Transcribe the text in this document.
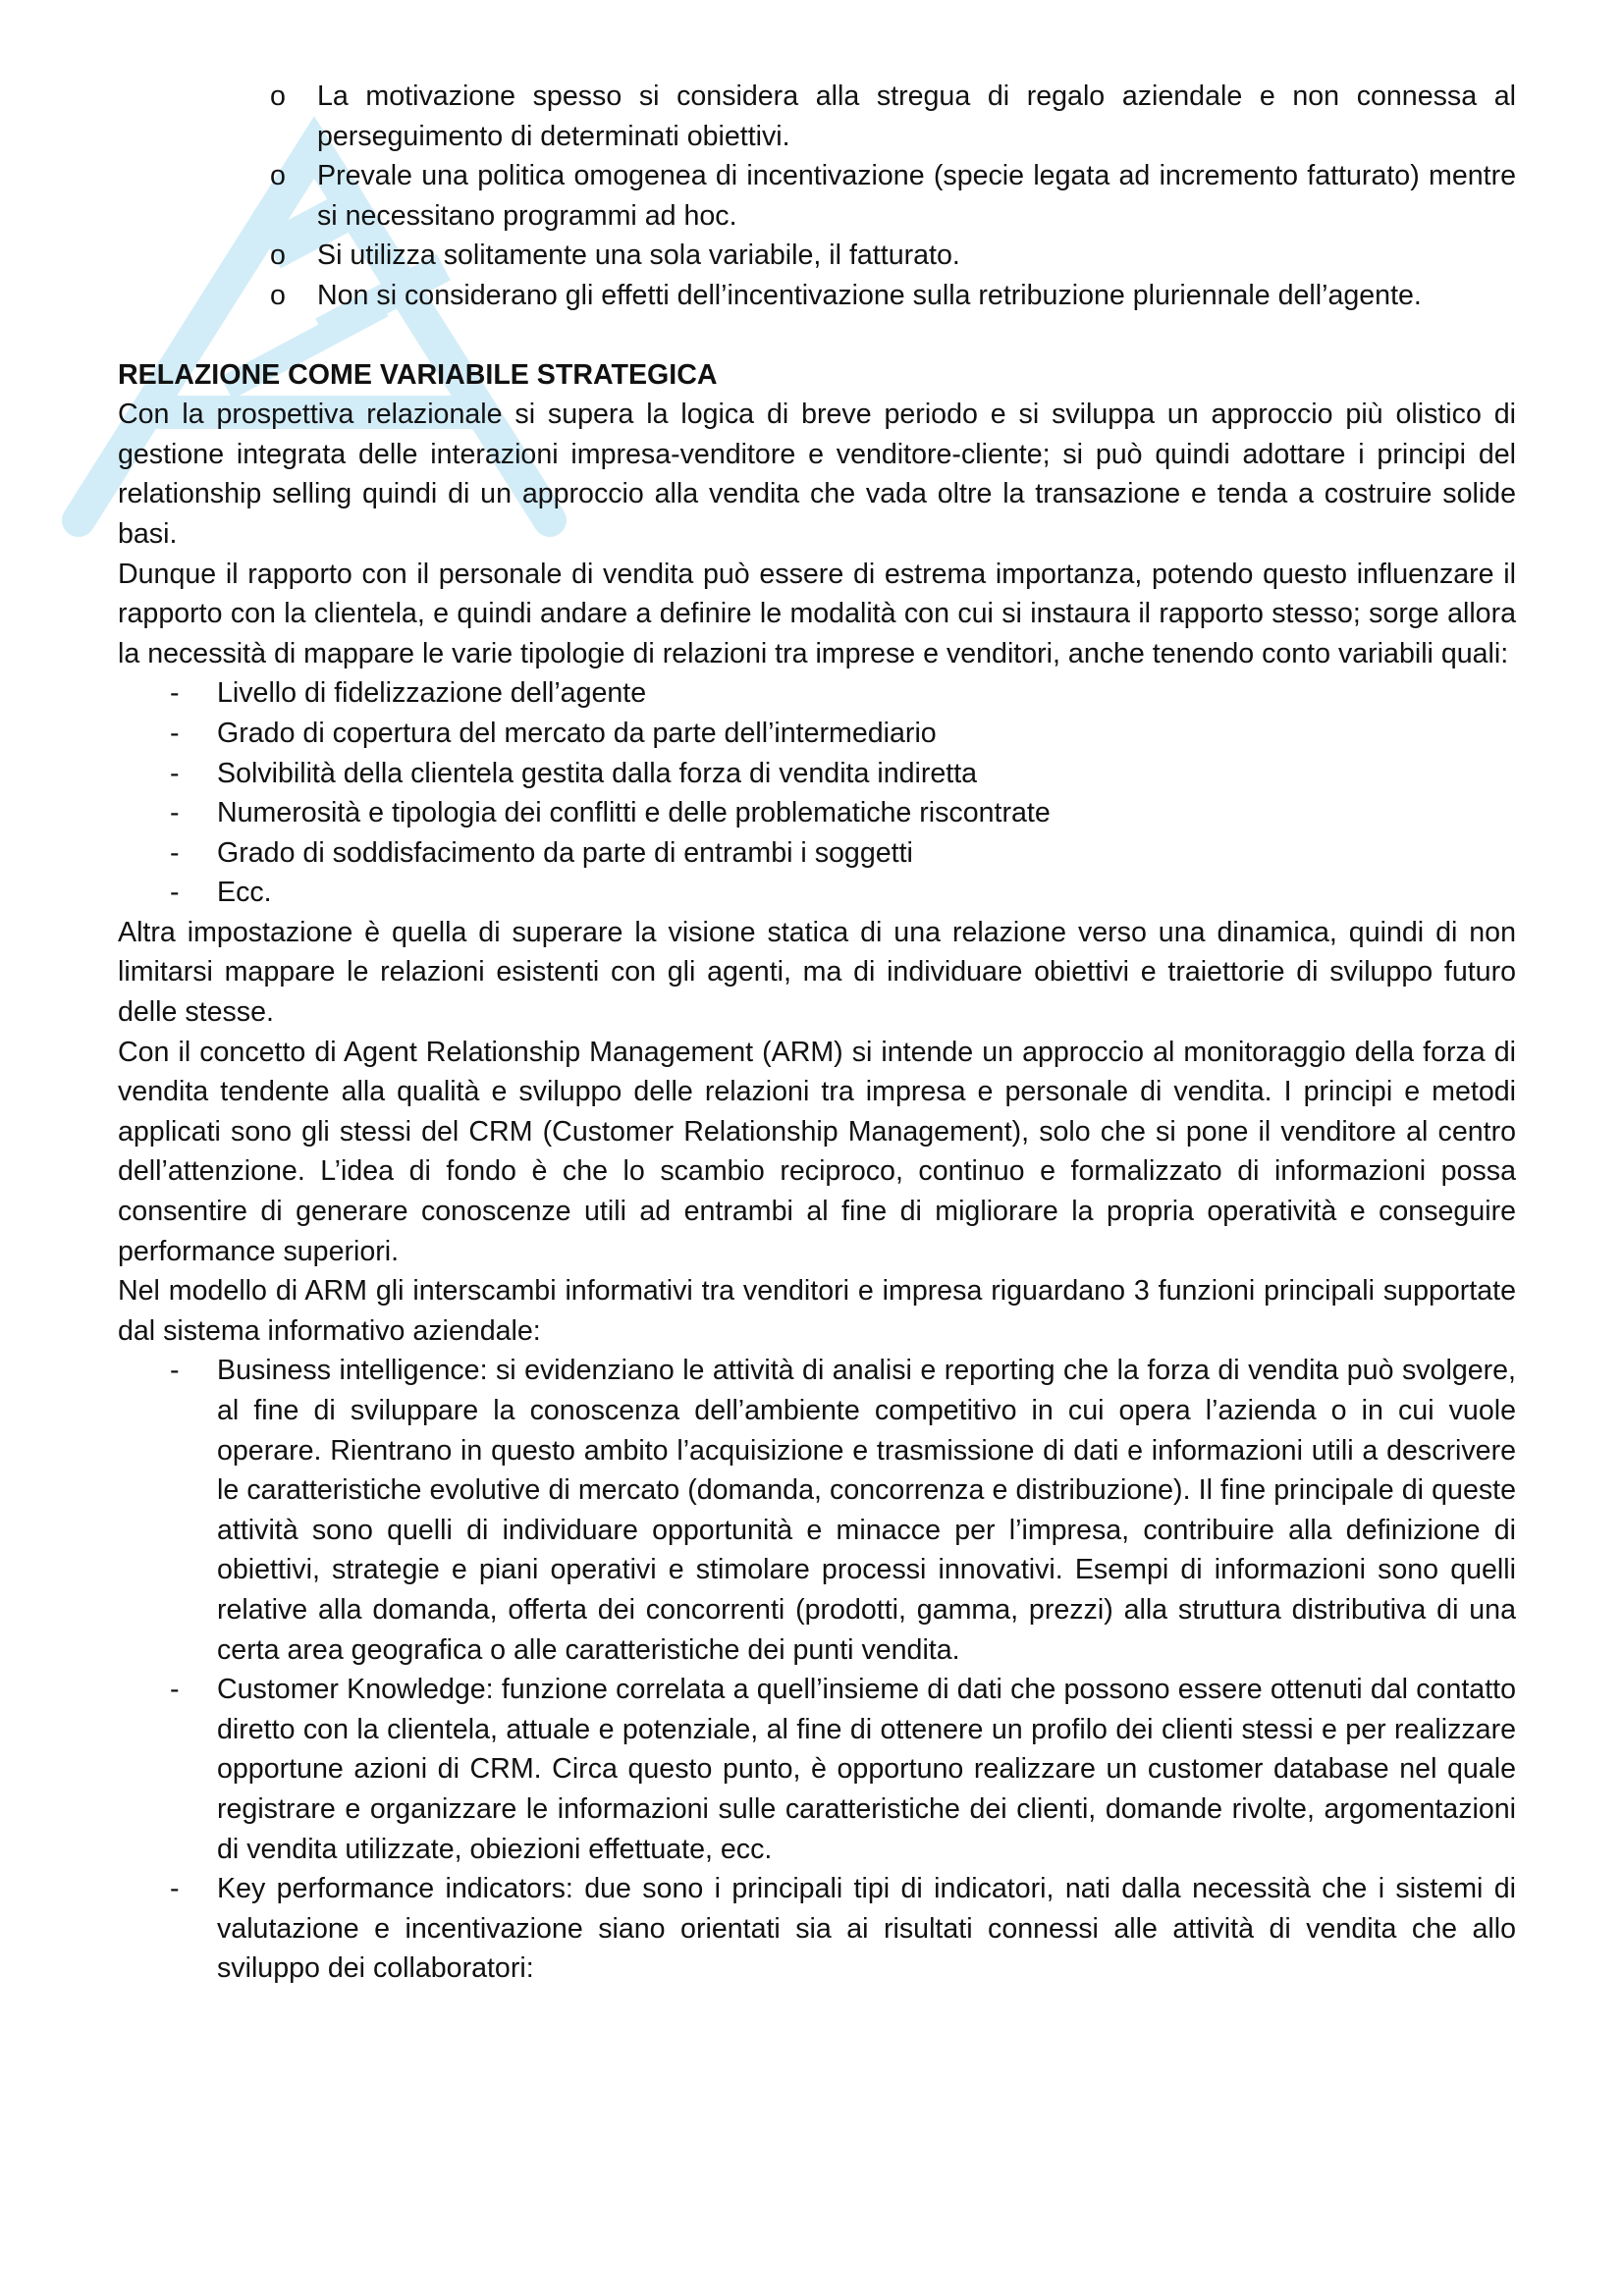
o La motivazione spesso si considera alla stregua di regalo aziendale e non connessa al perseguimento di determinati obiettivi.
o Prevale una politica omogenea di incentivazione (specie legata ad incremento fatturato) mentre si necessitano programmi ad hoc.
o Si utilizza solitamente una sola variabile, il fatturato.
o Non si considerano gli effetti dell’incentivazione sulla retribuzione pluriennale dell’agente.
RELAZIONE COME VARIABILE STRATEGICA

Con la prospettiva relazionale si supera la logica di breve periodo e si sviluppa un approccio più olistico di gestione integrata delle interazioni impresa-venditore e venditore-cliente; si può quindi adottare i principi del relationship selling quindi di un approccio alla vendita che vada oltre la transazione e tenda a costruire solide basi.

Dunque il rapporto con il personale di vendita può essere di estrema importanza, potendo questo influenzare il rapporto con la clientela, e quindi andare a definire le modalità con cui si instaura il rapporto stesso; sorge allora la necessità di mappare le varie tipologie di relazioni tra imprese e venditori, anche tenendo conto variabili quali:

- Livello di fidelizzazione dell’agente
- Grado di copertura del mercato da parte dell’intermediario
- Solvibilità della clientela gestita dalla forza di vendita indiretta
- Numerosità e tipologia dei conflitti e delle problematiche riscontrate
- Grado di soddisfacimento da parte di entrambi i soggetti
- Ecc.

Altra impostazione è quella di superare la visione statica di una relazione verso una dinamica, quindi di non limitarsi mappare le relazioni esistenti con gli agenti, ma di individuare obiettivi e traiettorie di sviluppo futuro delle stesse.

Con il concetto di Agent Relationship Management (ARM) si intende un approccio al monitoraggio della forza di vendita tendente alla qualità e sviluppo delle relazioni tra impresa e personale di vendita. I principi e metodi applicati sono gli stessi del CRM (Customer Relationship Management), solo che si pone il venditore al centro dell’attenzione. L’idea di fondo è che lo scambio reciproco, continuo e formalizzato di informazioni possa consentire di generare conoscenze utili ad entrambi al fine di migliorare la propria operatività e conseguire performance superiori.

Nel modello di ARM gli interscambi informativi tra venditori e impresa riguardano 3 funzioni principali supportate dal sistema informativo aziendale:

- Business intelligence: si evidenziano le attività di analisi e reporting che la forza di vendita può svolgere, al fine di sviluppare la conoscenza dell’ambiente competitivo in cui opera l’azienda o in cui vuole operare. Rientrano in questo ambito l’acquisizione e trasmissione di dati e informazioni utili a descrivere le caratteristiche evolutive di mercato (domanda, concorrenza e distribuzione). Il fine principale di queste attività sono quelli di individuare opportunità e minacce per l’impresa, contribuire alla definizione di obiettivi, strategie e piani operativi e stimolare processi innovativi. Esempi di informazioni sono quelli relative alla domanda, offerta dei concorrenti (prodotti, gamma, prezzi) alla struttura distributiva di una certa area geografica o alle caratteristiche dei punti vendita.
- Customer Knowledge: funzione correlata a quell’insieme di dati che possono essere ottenuti dal contatto diretto con la clientela, attuale e potenziale, al fine di ottenere un profilo dei clienti stessi e per realizzare opportune azioni di CRM. Circa questo punto, è opportuno realizzare un customer database nel quale registrare e organizzare le informazioni sulle caratteristiche dei clienti, domande rivolte, argomentazioni di vendita utilizzate, obiezioni effettuate, ecc.
- Key performance indicators: due sono i principali tipi di indicatori, nati dalla necessità che i sistemi di valutazione e incentivazione siano orientati sia ai risultati connessi alle attività di vendita che allo sviluppo dei collaboratori:
